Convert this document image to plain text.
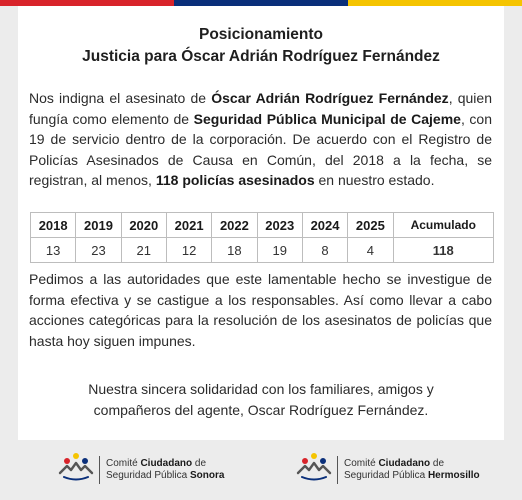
Posicionamiento
Justicia para Óscar Adrián Rodríguez Fernández
Nos indigna el asesinato de Óscar Adrián Rodríguez Fernández, quien fungía como elemento de Seguridad Pública Municipal de Cajeme, con 19 de servicio dentro de la corporación. De acuerdo con el Registro de Policías Asesinados de Causa en Común, del 2018 a la fecha, se registran, al menos, 118 policías asesinados en nuestro estado.
2018	2019	2020	2021	2022	2023	2024	2025	Acumulado
13	23	21	12	18	19	8	4	118
Pedimos a las autoridades que este lamentable hecho se investigue de forma efectiva y se castigue a los responsables. Así como llevar a cabo acciones categóricas para la resolución de los asesinatos de policías que hasta hoy siguen impunes.
Nuestra sincera solidaridad con los familiares, amigos y
compañeros del agente, Oscar Rodríguez Fernández.
Comité Ciudadano de
Seguridad Pública Sonora
Comité Ciudadano de
Seguridad Pública Hermosillo
